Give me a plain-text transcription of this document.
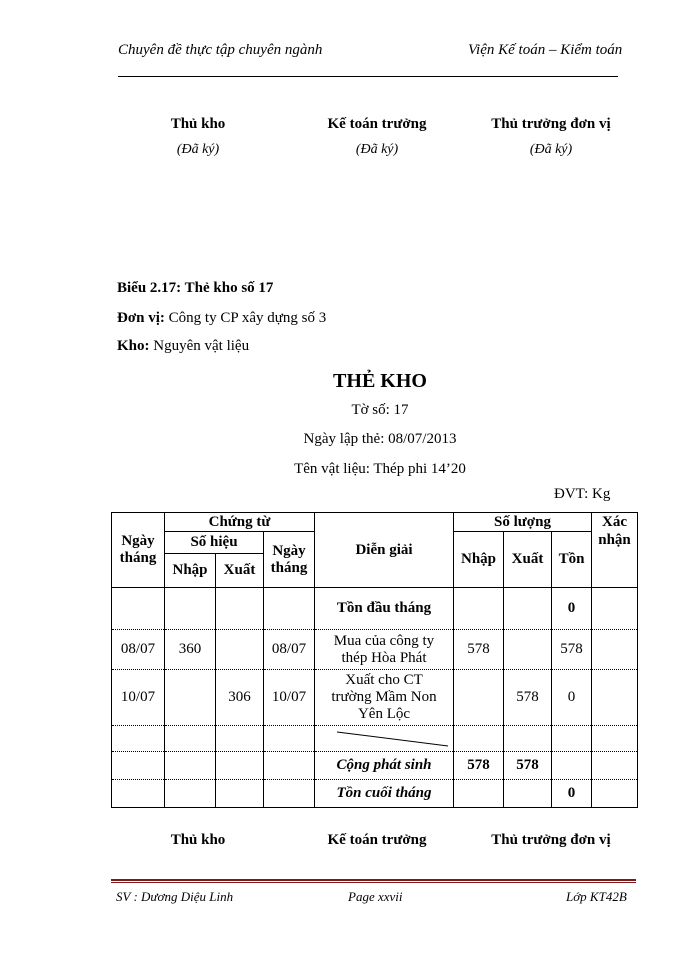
Chuyên đề thực tập chuyên ngành	Viện Kế toán – Kiểm toán
Thủ kho
(Đã ký)
Kế toán trưởng
(Đã ký)
Thủ trưởng đơn vị
(Đã ký)
Biểu 2.17: Thẻ kho số 17
Đơn vị: Công ty CP xây dựng số 3
Kho: Nguyên vật liệu
THẺ KHO
Tờ số: 17
Ngày lập thẻ: 08/07/2013
Tên vật liệu: Thép phi 14’20
ĐVT: Kg
Ngày tháng	Chứng từ			Diễn giải	Số lượng			Xác nhận
	Số hiệu		Ngày tháng		Nhập	Xuất	Tồn	
	Nhập	Xuất						
				Tồn đầu tháng			0	
08/07	360		08/07	Mua của công ty thép Hòa Phát	578		578	
10/07		306	10/07	Xuất cho CT trường Mầm Non Yên Lộc		578	0	

				Cộng phát sinh	578	578		
				Tồn cuối tháng			0	
Thủ kho	Kế toán trưởng	Thủ trưởng đơn vị
SV : Dương Diệu Linh	Page xxvii	Lớp KT42B
